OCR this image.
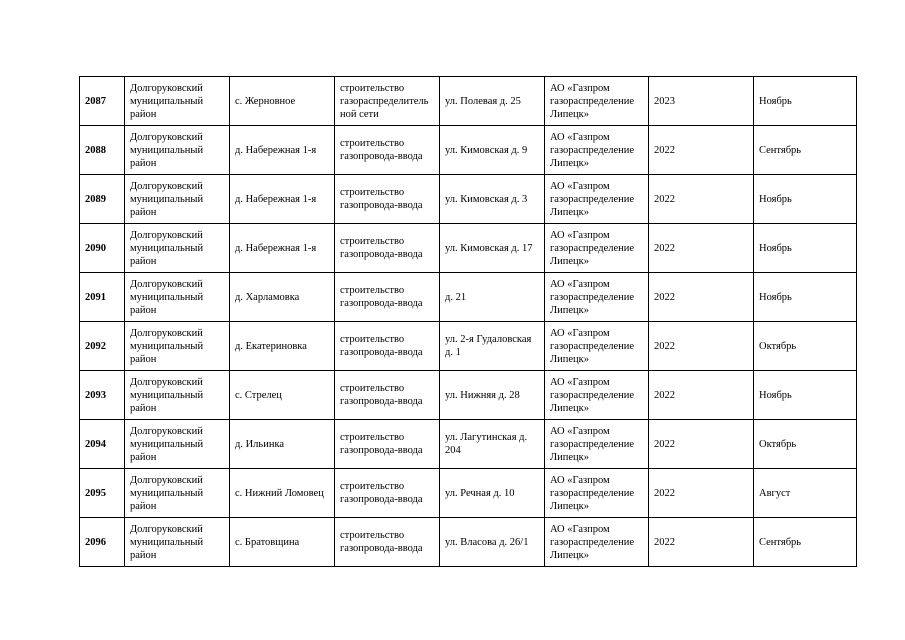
2087	Долгоруковский муниципальный район	с. Жерновное	строительство газораспределитель ной сети	ул. Полевая д. 25	АО «Газпром газораспределение Липецк»	2023	Ноябрь
2088	Долгоруковский муниципальный район	д. Набережная 1-я	строительство газопровода-ввода	ул. Кимовская д. 9	АО «Газпром газораспределение Липецк»	2022	Сентябрь
2089	Долгоруковский муниципальный район	д. Набережная 1-я	строительство газопровода-ввода	ул. Кимовская д. 3	АО «Газпром газораспределение Липецк»	2022	Ноябрь
2090	Долгоруковский муниципальный район	д. Набережная 1-я	строительство газопровода-ввода	ул. Кимовская д. 17	АО «Газпром газораспределение Липецк»	2022	Ноябрь
2091	Долгоруковский муниципальный район	д. Харламовка	строительство газопровода-ввода	д. 21	АО «Газпром газораспределение Липецк»	2022	Ноябрь
2092	Долгоруковский муниципальный район	д. Екатериновка	строительство газопровода-ввода	ул. 2-я Гудаловская д. 1	АО «Газпром газораспределение Липецк»	2022	Октябрь
2093	Долгоруковский муниципальный район	с. Стрелец	строительство газопровода-ввода	ул. Нижняя д. 28	АО «Газпром газораспределение Липецк»	2022	Ноябрь
2094	Долгоруковский муниципальный район	д. Ильинка	строительство газопровода-ввода	ул. Лагутинская д. 204	АО «Газпром газораспределение Липецк»	2022	Октябрь
2095	Долгоруковский муниципальный район	с. Нижний Ломовец	строительство газопровода-ввода	ул. Речная д. 10	АО «Газпром газораспределение Липецк»	2022	Август
2096	Долгоруковский муниципальный район	с. Братовщина	строительство газопровода-ввода	ул. Власова д. 26/1	АО «Газпром газораспределение Липецк»	2022	Сентябрь
